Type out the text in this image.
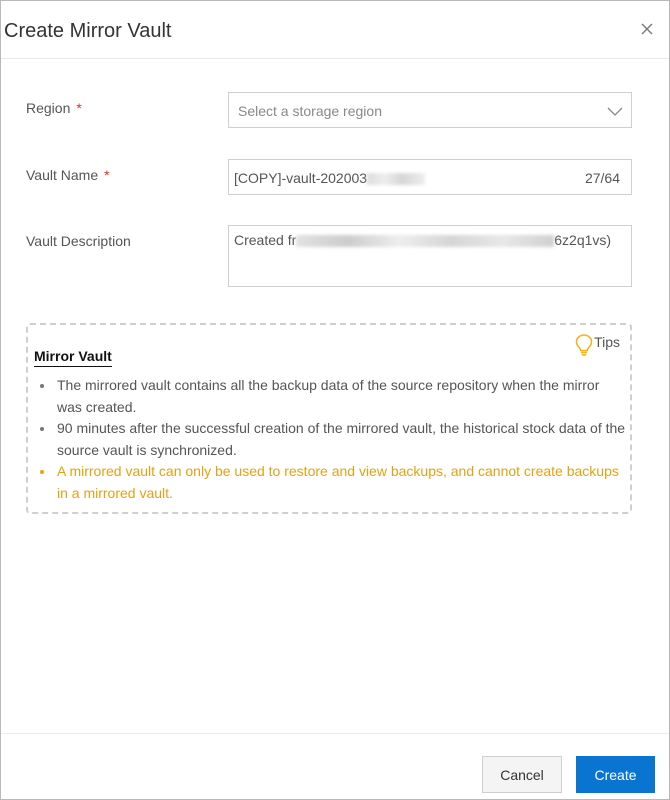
Create Mirror Vault
Region *	Select a storage region
Vault Name *	[COPY]-vault-202003	27/64
Vault Description	Created fr	6z2q1vs)
Mirror Vault
Tips
The mirrored vault contains all the backup data of the source repository when the mirror was created.
90 minutes after the successful creation of the mirrored vault, the historical stock data of the source vault is synchronized.
A mirrored vault can only be used to restore and view backups, and cannot create backups in a mirrored vault.
Cancel	Create
